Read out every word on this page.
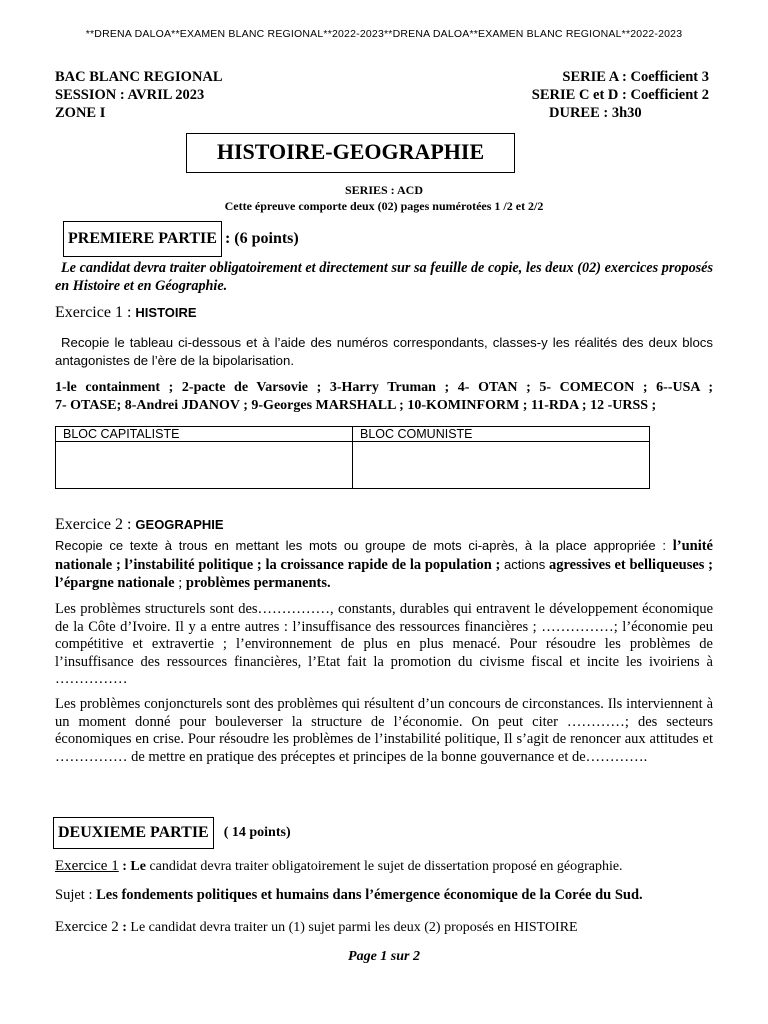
**DRENA DALOA**EXAMEN BLANC REGIONAL**2022-2023**DRENA DALOA**EXAMEN BLANC REGIONAL**2022-2023
BAC BLANC REGIONAL
SESSION : AVRIL 2023
ZONE I
SERIE A : Coefficient 3
SERIE C et D : Coefficient 2
DUREE : 3h30
HISTOIRE-GEOGRAPHIE
SERIES : ACD
Cette épreuve comporte deux (02) pages numérotées 1 /2 et 2/2
PREMIERE PARTIE : (6 points)
Le candidat devra traiter obligatoirement et directement sur sa feuille de copie, les deux (02) exercices proposés en Histoire et en Géographie.
Exercice 1 : HISTOIRE
Recopie le tableau ci-dessous et à l’aide des numéros correspondants, classes-y les réalités des deux blocs antagonistes de l’ère de la bipolarisation.
1-le containment ; 2-pacte de Varsovie ; 3-Harry Truman ; 4- OTAN ; 5- COMECON ; 6--USA ;
7- OTASE; 8-Andrei JDANOV ; 9-Georges MARSHALL ; 10-KOMINFORM ; 11-RDA ; 12 -URSS ;
BLOC CAPITALISTE	BLOC COMUNISTE

Exercice 2 : GEOGRAPHIE
Recopie ce texte à trous en mettant les mots ou groupe de mots ci-après, à la place appropriée : l’unité nationale ; l’instabilité politique ; la croissance rapide de la population ; actions agressives et belliqueuses ; l’épargne nationale ; problèmes permanents.
Les problèmes structurels sont des……………, constants, durables qui entravent le développement économique de la Côte d’Ivoire. Il y a entre autres : l’insuffisance des ressources financières ; ……………; l’économie peu compétitive et extravertie ; l’environnement de plus en plus menacé. Pour résoudre les problèmes de l’insuffisance des ressources financières, l’Etat fait la promotion du civisme fiscal et incite les ivoiriens à ……………
Les problèmes conjoncturels sont des problèmes qui résultent d’un concours de circonstances. Ils interviennent à un moment donné pour bouleverser la structure de l’économie. On peut citer …………; des secteurs économiques en crise. Pour résoudre les problèmes de l’instabilité politique, Il s’agit de renoncer aux attitudes et …………… de mettre en pratique des préceptes et principes de la bonne gouvernance et de………….
DEUXIEME PARTIE	( 14 points)
Exercice 1 : Le candidat devra traiter obligatoirement le sujet de dissertation proposé en géographie.
Sujet : Les fondements politiques et humains dans l’émergence économique de la Corée du Sud.
Exercice 2 : Le candidat devra traiter un (1) sujet parmi les deux (2) proposés en HISTOIRE
Page 1 sur 2
